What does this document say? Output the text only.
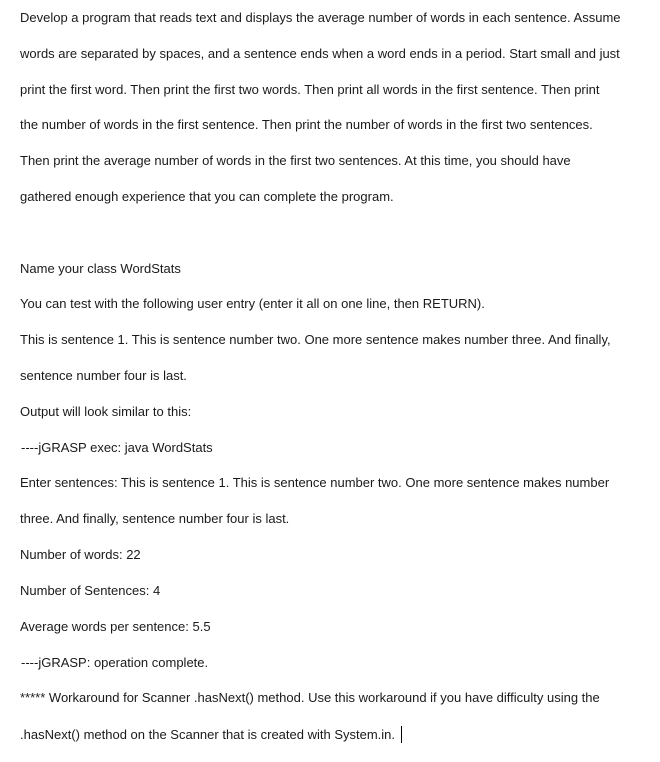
Develop a program that reads text and displays the average number of words in each sentence. Assume
words are separated by spaces, and a sentence ends when a word ends in a period. Start small and just
print the first word. Then print the first two words. Then print all words in the first sentence. Then print
the number of words in the first sentence. Then print the number of words in the first two sentences.
Then print the average number of words in the first two sentences. At this time, you should have
gathered enough experience that you can complete the program.
Name your class WordStats
You can test with the following user entry (enter it all on one line, then RETURN).
This is sentence 1. This is sentence number two. One more sentence makes number three. And finally,
sentence number four is last.
Output will look similar to this:
----jGRASP exec: java WordStats
Enter sentences: This is sentence 1. This is sentence number two. One more sentence makes number
three. And finally, sentence number four is last.
Number of words: 22
Number of Sentences: 4
Average words per sentence: 5.5
----jGRASP: operation complete.
***** Workaround for Scanner .hasNext() method. Use this workaround if you have difficulty using the
.hasNext() method on the Scanner that is created with System.in.
